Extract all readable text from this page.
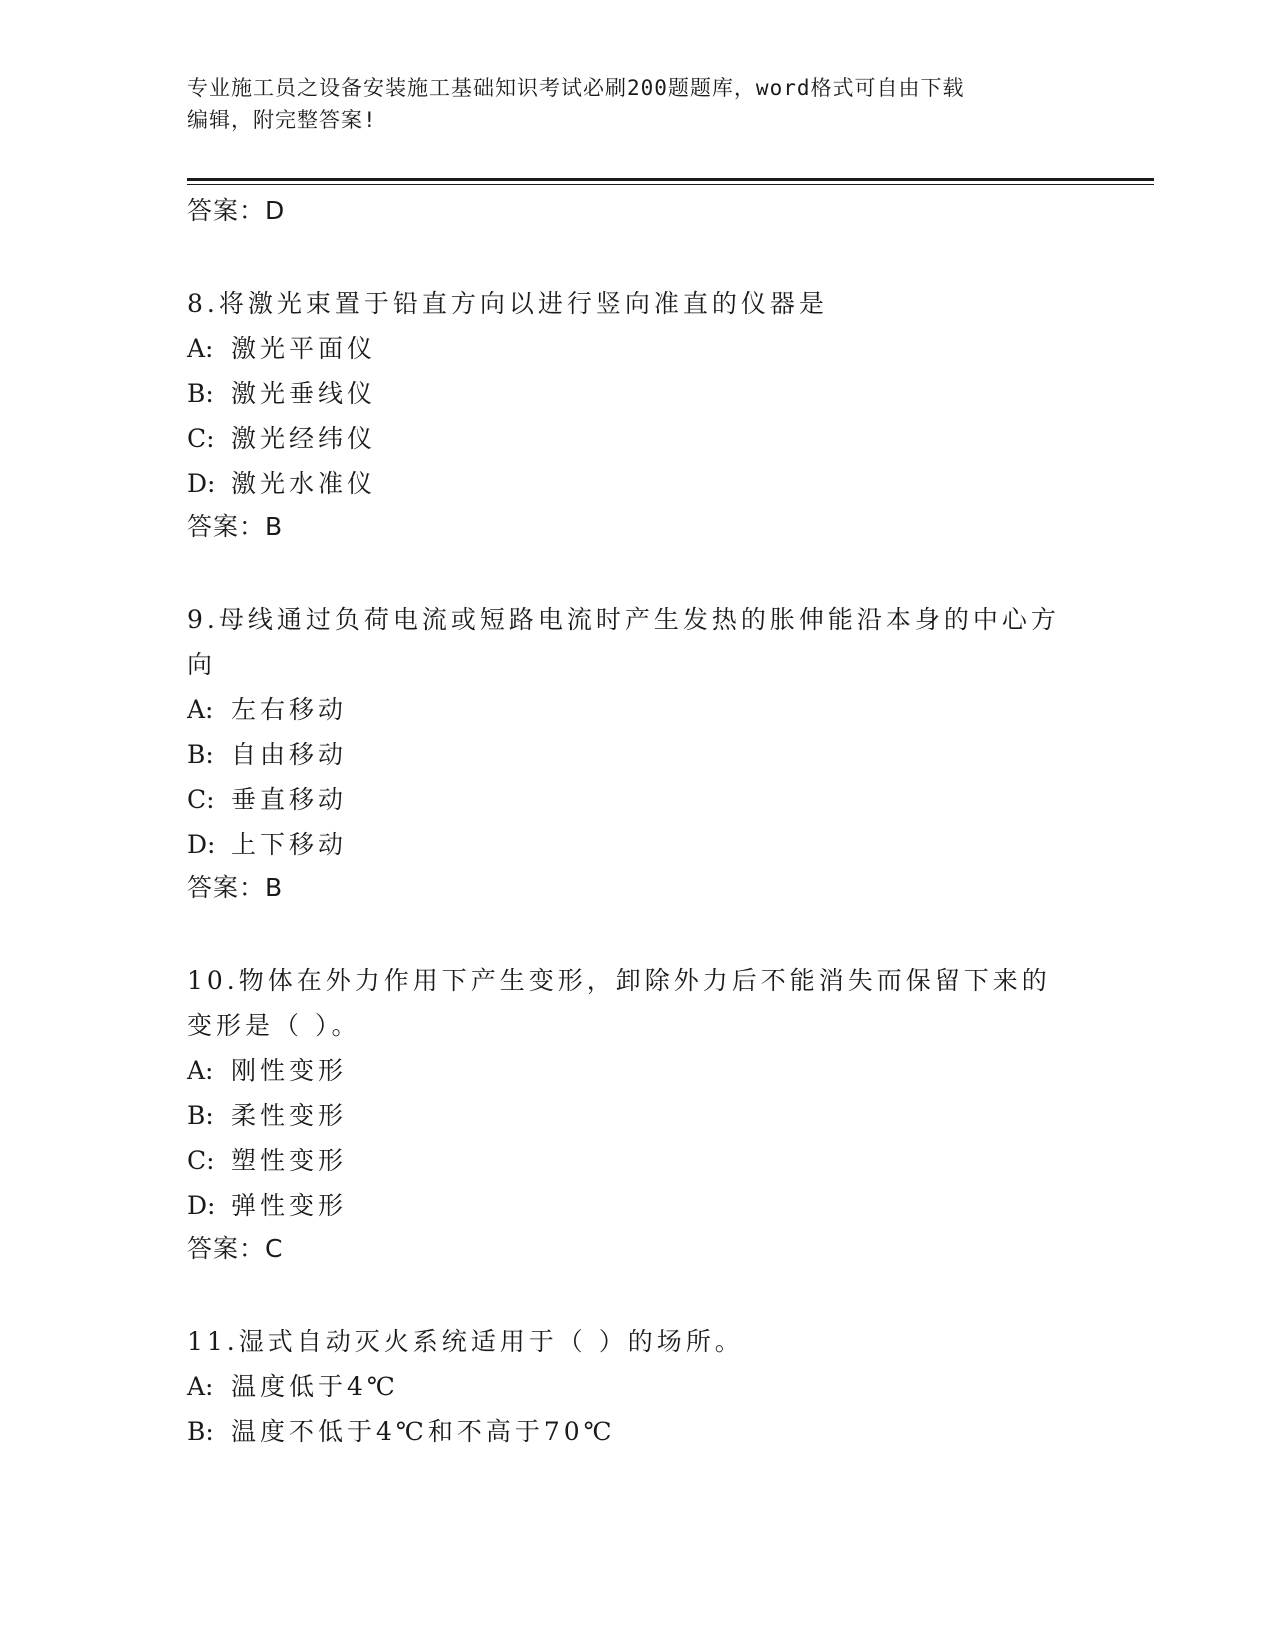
专业施工员之设备安装施工基础知识考试必刷200题题库，word格式可自由下载
编辑，附完整答案!
答案：D
8.将激光束置于铅直方向以进行竖向准直的仪器是
A: 激光平面仪
B: 激光垂线仪
C: 激光经纬仪
D: 激光水准仪
答案：B
9.母线通过负荷电流或短路电流时产生发热的胀伸能沿本身的中心方向
A: 左右移动
B: 自由移动
C: 垂直移动
D: 上下移动
答案：B
10.物体在外力作用下产生变形，卸除外力后不能消失而保留下来的变形是（ ）。
A: 刚性变形
B: 柔性变形
C: 塑性变形
D: 弹性变形
答案：C
11.湿式自动灭火系统适用于（ ）的场所。
A: 温度低于4℃
B: 温度不低于4℃和不高于70℃
